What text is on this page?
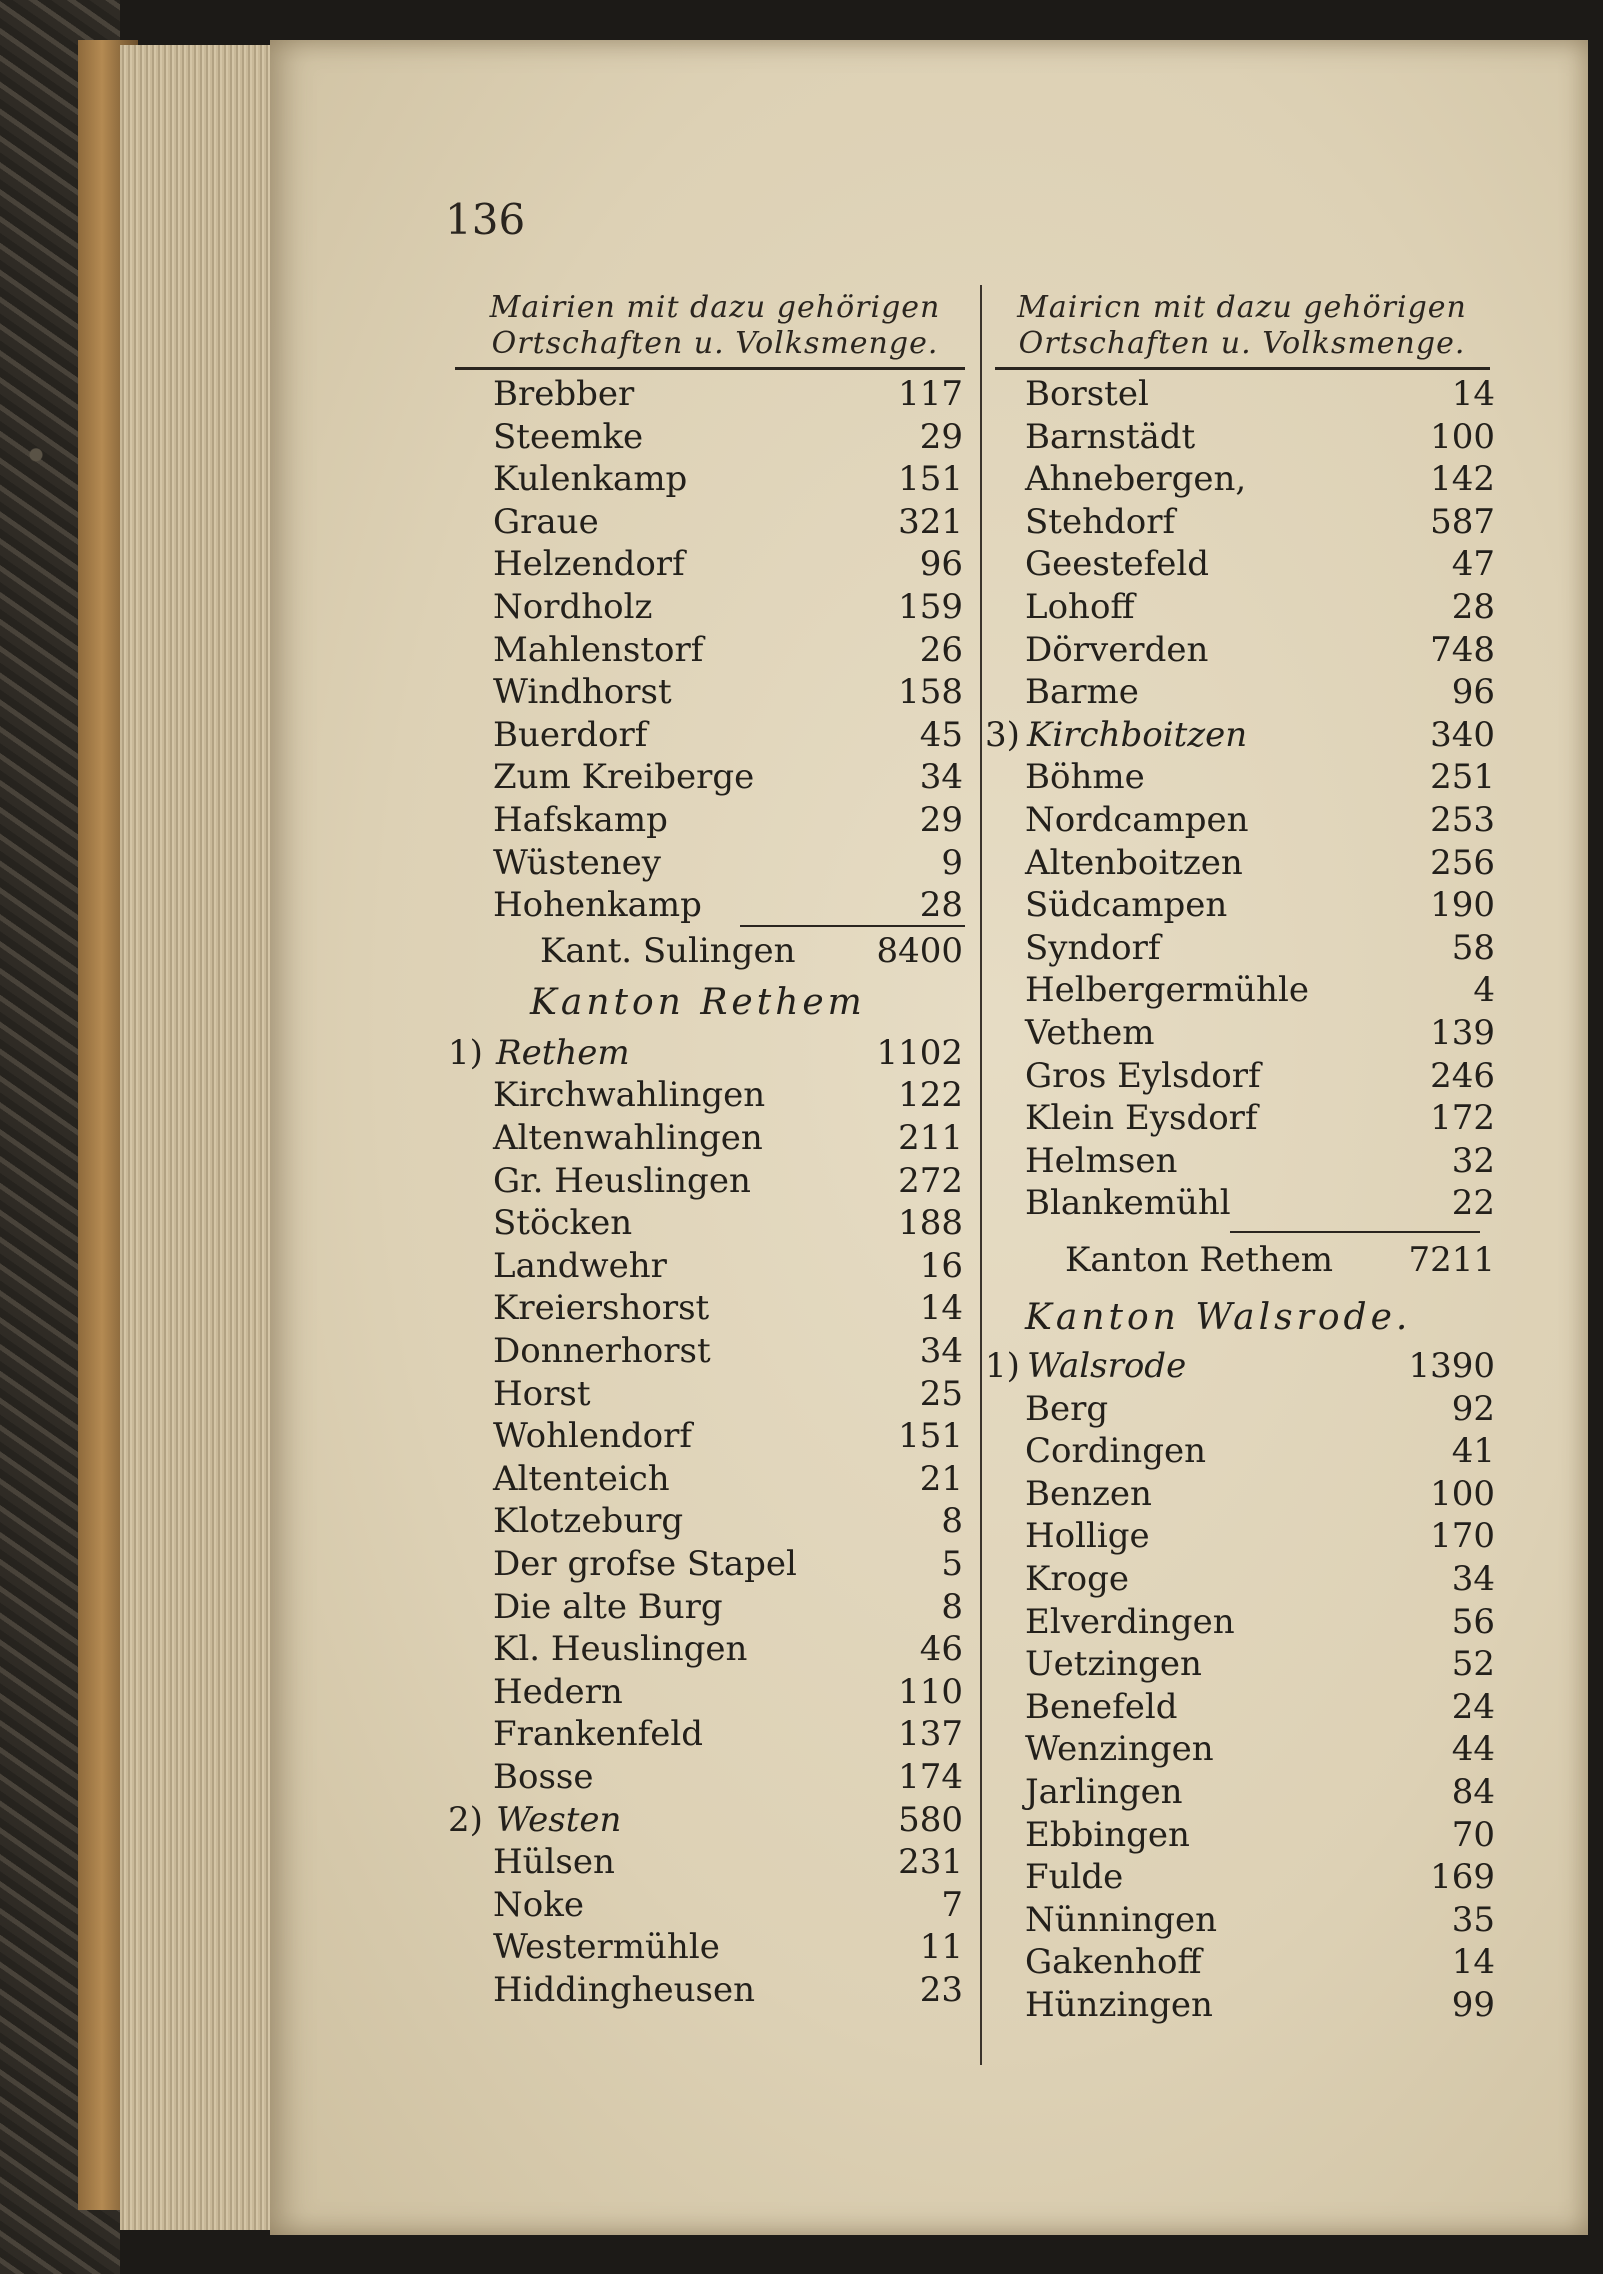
136
Mairien mit dazu gehörigen
Ortschaften u. Volksmenge.
Mairicn mit dazu gehörigen
Ortschaften u. Volksmenge.
Brebber	117
Steemke	29
Kulenkamp	151
Graue	321
Helzendorf	96
Nordholz	159
Mahlenstorf	26
Windhorst	158
Buerdorf	45
Zum Kreiberge	34
Hafskamp	29
Wüsteney	9
Hohenkamp	28
Kant. Sulingen 8400
Kanton Rethem
1) Rethem	1102
Kirchwahlingen	122
Altenwahlingen	211
Gr. Heuslingen	272
Stöcken	188
Landwehr	16
Kreiershorst	14
Donnerhorst	34
Horst	25
Wohlendorf	151
Altenteich	21
Klotzeburg	8
Der grofse Stapel	5
Die alte Burg	8
Kl. Heuslingen	46
Hedern	110
Frankenfeld	137
Bosse	174
2) Westen	580
Hülsen	231
Noke	7
Westermühle	11
Hiddingheusen	23
Borstel	14
Barnstädt	100
Ahnebergen,	142
Stehdorf	587
Geestefeld	47
Lohoff	28
Dörverden	748
Barme	96
3) Kirchboitzen	340
Böhme	251
Nordcampen	253
Altenboitzen	256
Südcampen	190
Syndorf	58
Helbergermühle	4
Vethem	139
Gros Eylsdorf	246
Klein Eysdorf	172
Helmsen	32
Blankemühl	22
Kanton Rethem 7211
Kanton Walsrode.
1) Walsrode	1390
Berg	92
Cordingen	41
Benzen	100
Hollige	170
Kroge	34
Elverdingen	56
Uetzingen	52
Benefeld	24
Wenzingen	44
Jarlingen	84
Ebbingen	70
Fulde	169
Nünningen	35
Gakenhoff	14
Hünzingen	99
